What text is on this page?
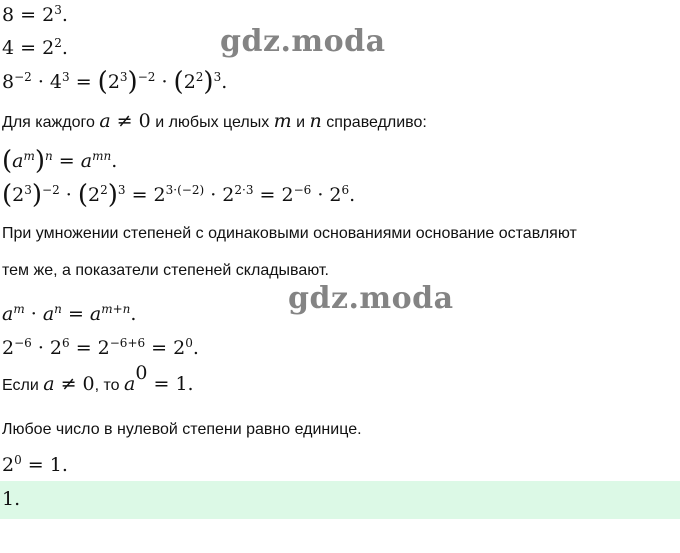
$8 = 2^3$.
$4 = 2^2$.
$8^{-2} \cdot 4^3 = (2^3)^{-2} \cdot (2^2)^3$.
Для каждого a ≠ 0 и любых целых m и n справедливо:
$(a^m)^n = a^{mn}$.
$(2^3)^{-2} \cdot (2^2)^3 = 2^{3\cdot(-2)} \cdot 2^{2\cdot 3} = 2^{-6} \cdot 2^6$.
При умножении степеней с одинаковыми основаниями основание оставляют
тем же, а показатели степеней складывают.
$a^m \cdot a^n = a^{m+n}$.
$2^{-6} \cdot 2^6 = 2^{-6+6} = 2^0$.
Если a ≠ 0, то $a^0 = 1$.
Любое число в нулевой степени равно единице.
$2^0 = 1$.
1.
gdz.moda
gdz.moda
